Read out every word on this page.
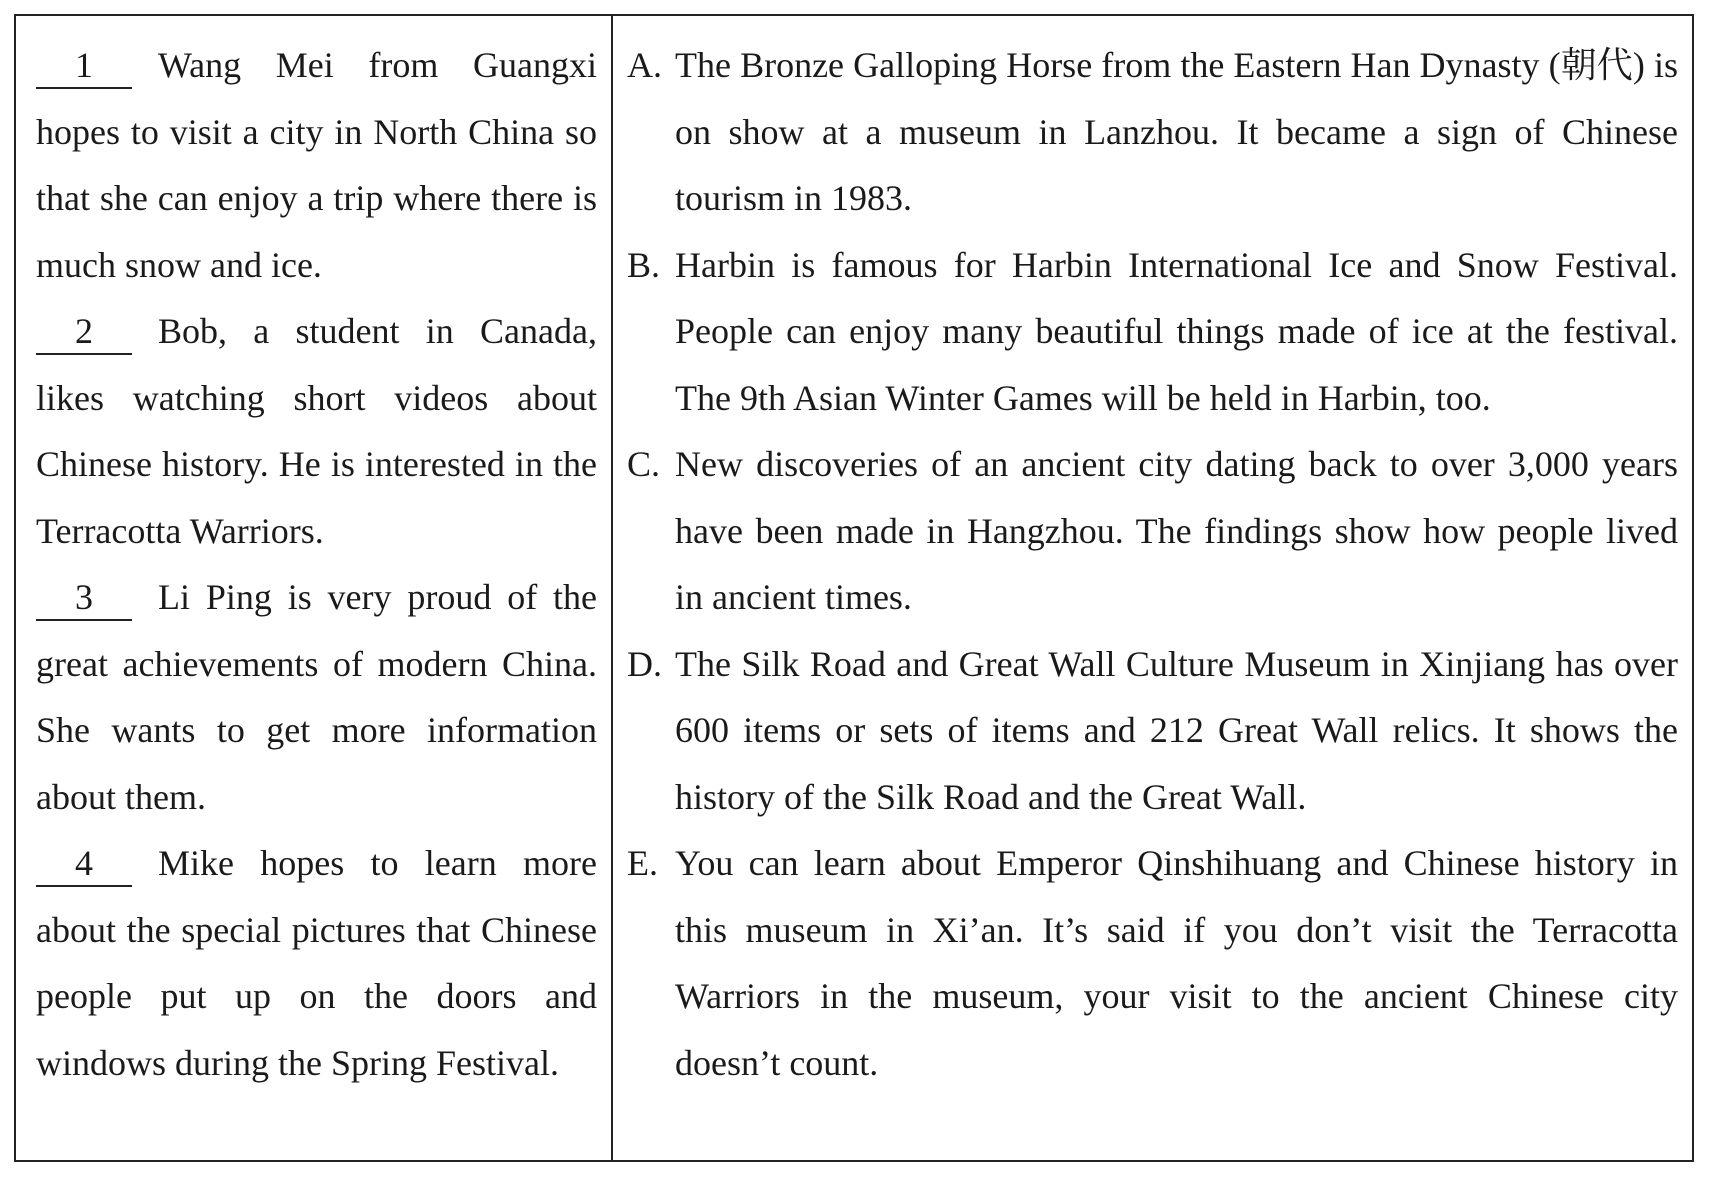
1 Wang Mei from Guangxi hopes to visit a city in North China so that she can enjoy a trip where there is much snow and ice.

2 Bob, a student in Canada, likes watching short videos about Chinese history. He is interested in the Terracotta Warriors.

3 Li Ping is very proud of the great achievements of modern China. She wants to get more information about them.

4 Mike hopes to learn more about the special pictures that Chinese people put up on the doors and windows during the Spring Festival.

A. The Bronze Galloping Horse from the Eastern Han Dynasty (朝代) is on show at a museum in Lanzhou. It became a sign of Chinese tourism in 1983.

B. Harbin is famous for Harbin International Ice and Snow Festival. People can enjoy many beautiful things made of ice at the festival. The 9th Asian Winter Games will be held in Harbin, too.

C. New discoveries of an ancient city dating back to over 3,000 years have been made in Hangzhou. The findings show how people lived in ancient times.

D. The Silk Road and Great Wall Culture Museum in Xinjiang has over 600 items or sets of items and 212 Great Wall relics. It shows the history of the Silk Road and the Great Wall.

E. You can learn about Emperor Qinshihuang and Chinese history in this museum in Xi’an. It’s said if you don’t visit the Terracotta Warriors in the museum, your visit to the ancient Chinese city doesn’t count.
